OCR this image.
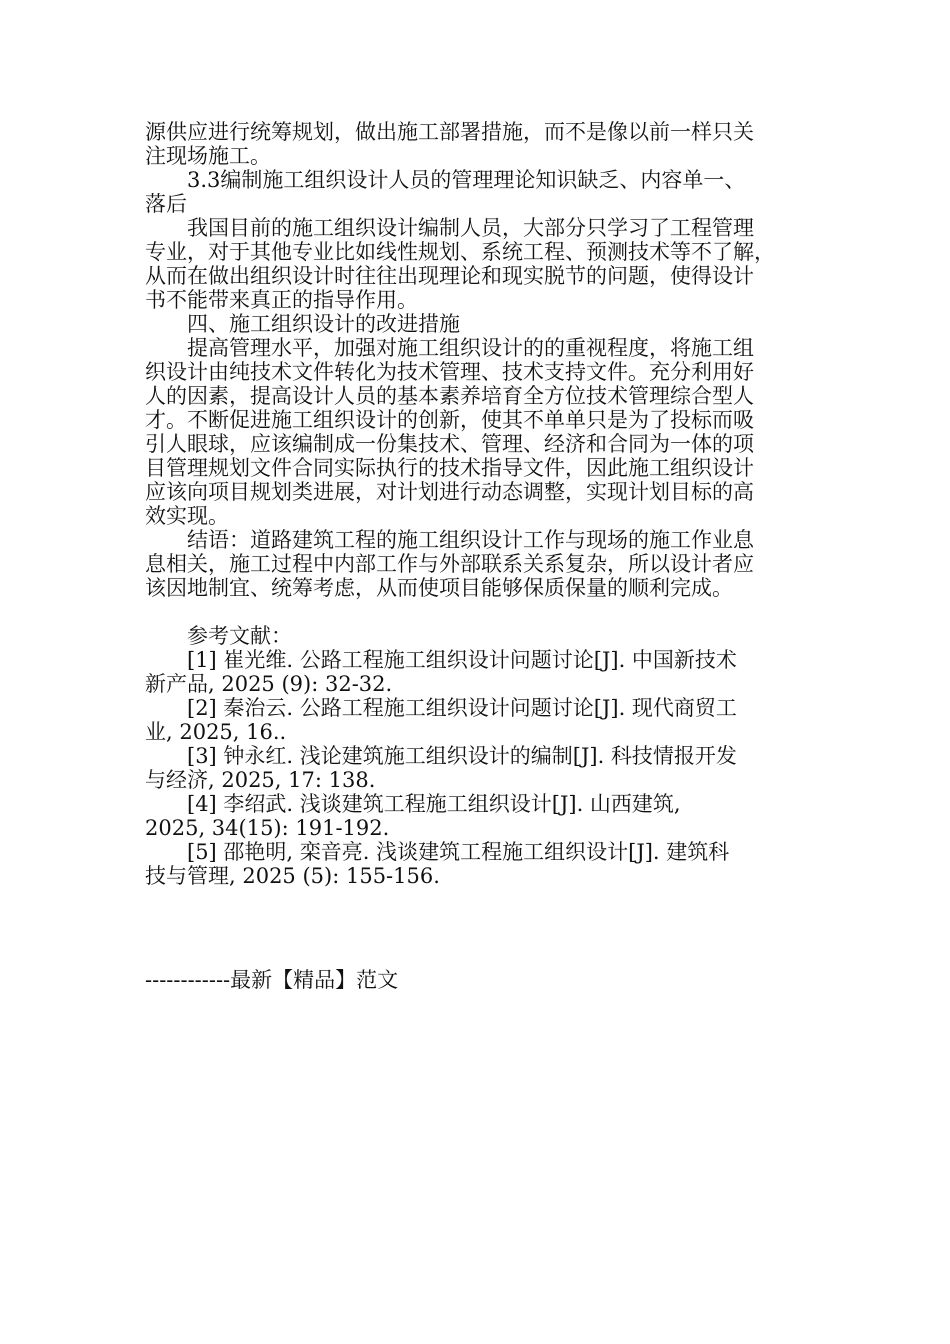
源供应进行统筹规划，做出施工部署措施，而不是像以前一样只关
注现场施工。
3.3编制施工组织设计人员的管理理论知识缺乏、内容单一、
落后
我国目前的施工组织设计编制人员，大部分只学习了工程管理
专业，对于其他专业比如线性规划、系统工程、预测技术等不了解，
从而在做出组织设计时往往出现理论和现实脱节的问题，使得设计
书不能带来真正的指导作用。
四、施工组织设计的改进措施
提高管理水平，加强对施工组织设计的的重视程度，将施工组
织设计由纯技术文件转化为技术管理、技术支持文件。充分利用好
人的因素，提高设计人员的基本素养培育全方位技术管理综合型人
才。不断促进施工组织设计的创新，使其不单单只是为了投标而吸
引人眼球，应该编制成一份集技术、管理、经济和合同为一体的项
目管理规划文件合同实际执行的技术指导文件，因此施工组织设计
应该向项目规划类进展，对计划进行动态调整，实现计划目标的高
效实现。
结语：道路建筑工程的施工组织设计工作与现场的施工作业息
息相关，施工过程中内部工作与外部联系关系复杂，所以设计者应
该因地制宜、统筹考虑，从而使项目能够保质保量的顺利完成。
参考文献：
[1] 崔光维. 公路工程施工组织设计问题讨论[J]. 中国新技术
新产品, 2025 (9): 32-32.
[2] 秦治云. 公路工程施工组织设计问题讨论[J]. 现代商贸工
业, 2025, 16..
[3] 钟永红. 浅论建筑施工组织设计的编制[J]. 科技情报开发
与经济, 2025, 17: 138.
[4] 李绍武. 浅谈建筑工程施工组织设计[J]. 山西建筑,
2025, 34(15): 191-192.
[5] 邵艳明, 栾音亮. 浅谈建筑工程施工组织设计[J]. 建筑科
技与管理, 2025 (5): 155-156.
------------最新【精品】范文
